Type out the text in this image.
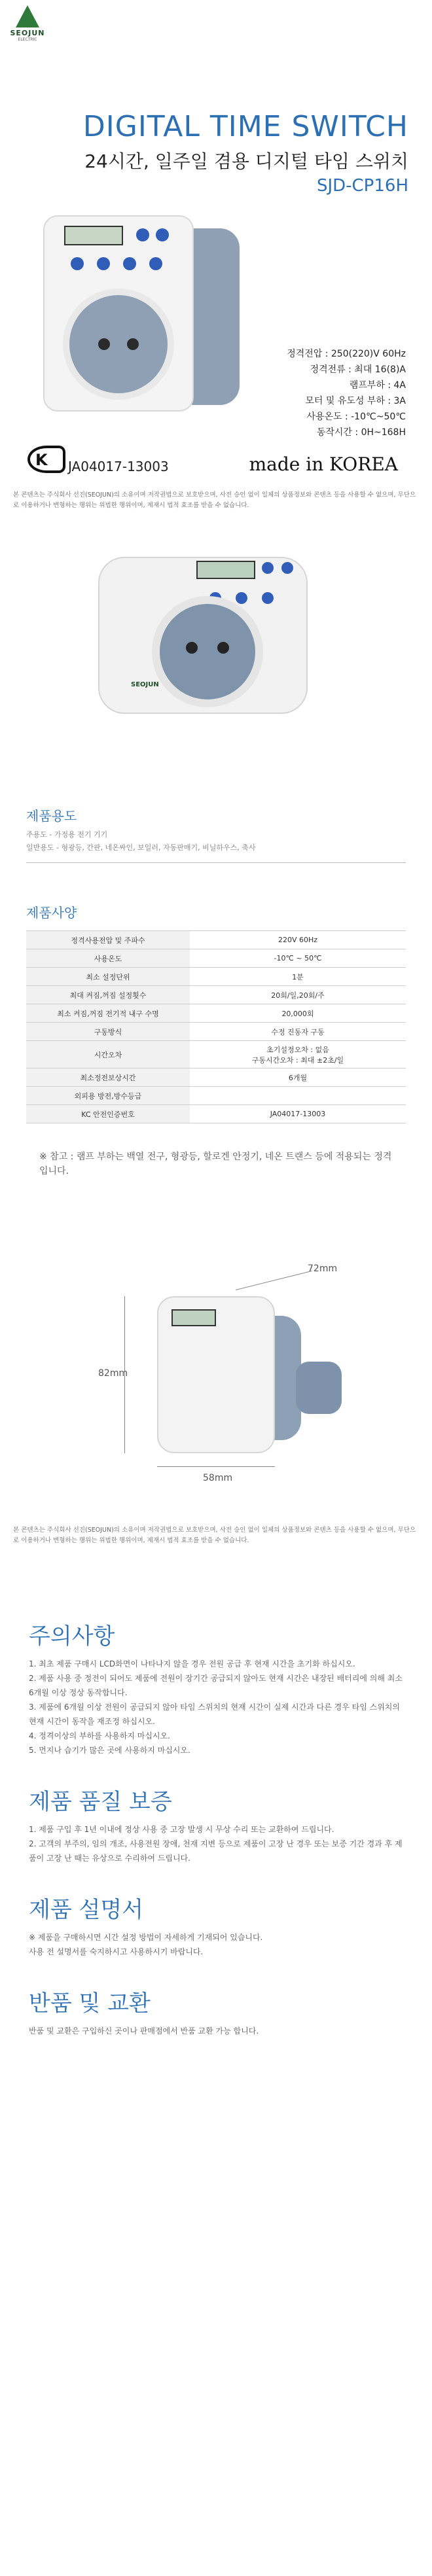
SEOJUN
ELECTRIC
DIGITAL TIME SWITCH
24시간, 일주일 겸용 디지털 타임 스위치
SJD-CP16H
정격전압 : 250(220)V 60Hz
정격전류 : 최대 16(8)A
램프부하 : 4A
모터 및 유도성 부하 : 3A
사용온도 : -10℃~50℃
동작시간 : 0H~168H
K JA04017-13003	made in KOREA
본 콘텐츠는 주식회사 선진(SEOJUN)의 소유이며 저작권법으로 보호받으며, 사전 승인 없이 일체의 상품정보와 콘텐츠 등을 사용할 수 없으며, 무단으로 이용하거나 변형하는 행위는 위법한 행위이며, 제재시 법적 효조를 받을 수 없습니다.
SEOJUN
제품용도
주용도 - 가정용 전기 기기
일반용도 - 형광등, 간판, 네온싸인, 보일러, 자동판매기, 비닐하우스, 축사
제품사양
정격사용전압 및 주파수	220V 60Hz
사용온도	-10℃ ~ 50℃
최소 설정단위	1분
최대 켜짐,꺼짐 설정횟수	20회/일,20회/주
최소 켜짐,꺼짐 전기적 내구 수명	20,000회
구동방식	수정 진동자 구동
시간오차	초기설정오차 : 없음
구동시간오차 : 최대 ±2초/일

최소정전보상시간	6개월
외피용 방전,방수등급	
KC 안전인증번호	JA04017-13003
※ 참고 : 램프 부하는 백열 전구, 형광등, 할로겐 안정기, 네온 트랜스 등에 적용되는 정격입니다.
82mm
58mm
72mm
본 콘텐츠는 주식회사 선진(SEOJUN)의 소유이며 저작권법으로 보호받으며, 사전 승인 없이 일체의 상품정보와 콘텐츠 등을 사용할 수 없으며, 무단으로 이용하거나 변형하는 행위는 위법한 행위이며, 제재시 법적 효조를 받을 수 없습니다.
주의사항
1. 최초 제품 구매시 LCD화면이 나타나지 않을 경우 전원 공급 후 현재 시간을 초기화 하십시오.
2. 제품 사용 중 정전이 되어도 제품에 전원이 장기간 공급되지 않아도 현재 시간은 내장된 배터리에 의해 최소 6개월 이상 정상 동작합니다.
3. 제품에 6개월 이상 전원이 공급되지 않아 타임 스위치의 현재 시간이 실제 시간과 다른 경우 타임 스위치의 현재 시간이 동작을 재조정 하십시오.
4. 정격이상의 부하를 사용하지 마십시오.
5. 먼지나 습기가 많은 곳에 사용하지 마십시오.
제품 품질 보증
1. 제품 구입 후 1년 이내에 정상 사용 중 고장 발생 시 무상 수리 또는 교환하여 드립니다.
2. 고객의 부주의, 임의 개조, 사용전원 장애, 천재 지변 등으로 제품이 고장 난 경우 또는 보증 기간 경과 후 제품이 고장 난 때는 유상으로 수리하여 드립니다.
제품 설명서
※ 제품을 구매하시면 시간 설정 방법이 자세하게 기재되어 있습니다.
사용 전 설명서를 숙지하시고 사용하시기 바랍니다.
반품 및 교환
반품 및 교환은 구입하신 곳이나 판매점에서 반품 교환 가능 합니다.
